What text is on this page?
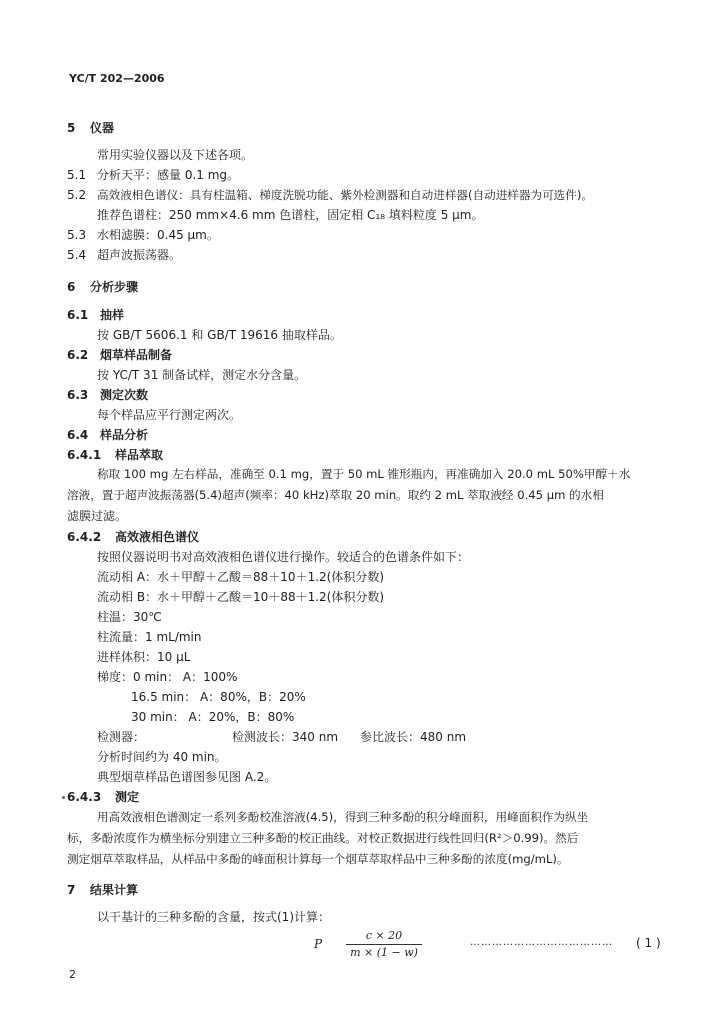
YC/T 202—2006
5 仪器
常用实验仪器以及下述各项。
5.1 分析天平：感量 0.1 mg。
5.2 高效液相色谱仪：具有柱温箱、梯度洗脱功能、紫外检测器和自动进样器(自动进样器为可选件)。
推荐色谱柱：250 mm×4.6 mm 色谱柱，固定相 C₁₈ 填料粒度 5 μm。
5.3 水相滤膜：0.45 μm。
5.4 超声波振荡器。
6 分析步骤
6.1 抽样
按 GB/T 5606.1 和 GB/T 19616 抽取样品。
6.2 烟草样品制备
按 YC/T 31 制备试样，测定水分含量。
6.3 测定次数
每个样品应平行测定两次。
6.4 样品分析
6.4.1 样品萃取
称取 100 mg 左右样品，准确至 0.1 mg，置于 50 mL 锥形瓶内，再准确加入 20.0 mL 50%甲醇＋水
溶液，置于超声波振荡器(5.4)超声(频率：40 kHz)萃取 20 min。取约 2 mL 萃取液经 0.45 μm 的水相
滤膜过滤。
6.4.2 高效液相色谱仪
按照仪器说明书对高效液相色谱仪进行操作。较适合的色谱条件如下：
流动相 A：水＋甲醇＋乙酸＝88＋10＋1.2(体积分数)
流动相 B：水＋甲醇＋乙酸＝10＋88＋1.2(体积分数)
柱温：30℃
柱流量：1 mL/min
进样体积：10 μL
梯度：0 min： A：100%
16.5 min： A：80%，B：20%
30 min： A：20%，B：80%
检测器：	检测波长：340 nm 参比波长：480 nm
分析时间约为 40 min。
典型烟草样品色谱图参见图 A.2。
6.4.3 测定
用高效液相色谱测定一系列多酚校准溶液(4.5)，得到三种多酚的积分峰面积，用峰面积作为纵坐
标，多酚浓度作为横坐标分别建立三种多酚的校正曲线。对校正数据进行线性回归(R²＞0.99)。然后
测定烟草萃取样品，从样品中多酚的峰面积计算每一个烟草萃取样品中三种多酚的浓度(mg/mL)。
7 结果计算
以干基计的三种多酚的含量，按式(1)计算：
P
c × 20
m × (1 − w)
………………………………… ( 1 )
2
